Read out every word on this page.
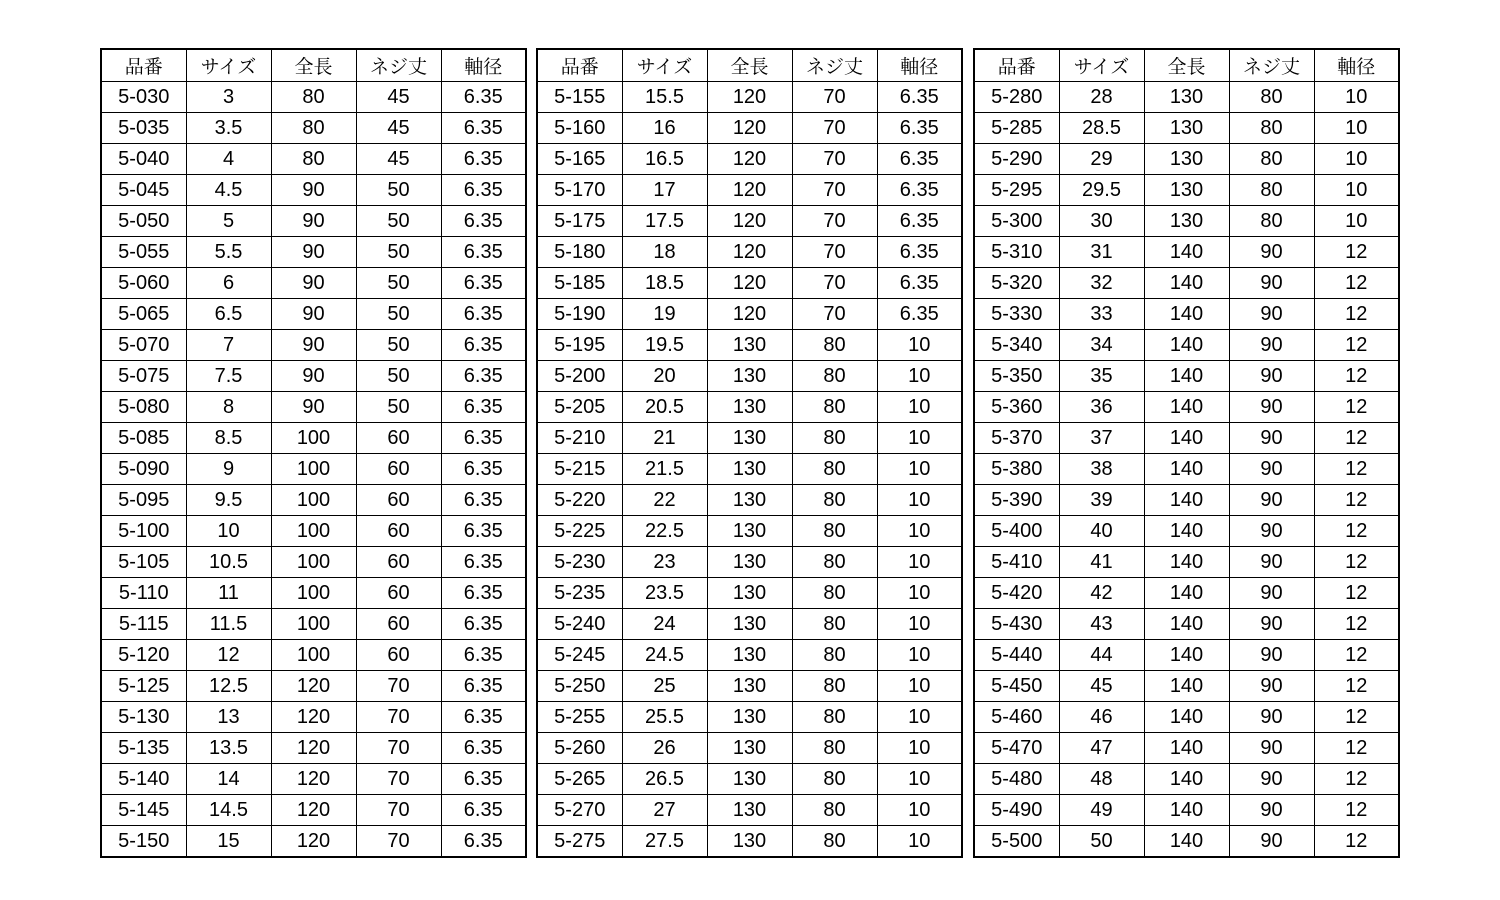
品番	サイズ	全長	ネジ丈	軸径
5-030	3	80	45	6.35
5-035	3.5	80	45	6.35
5-040	4	80	45	6.35
5-045	4.5	90	50	6.35
5-050	5	90	50	6.35
5-055	5.5	90	50	6.35
5-060	6	90	50	6.35
5-065	6.5	90	50	6.35
5-070	7	90	50	6.35
5-075	7.5	90	50	6.35
5-080	8	90	50	6.35
5-085	8.5	100	60	6.35
5-090	9	100	60	6.35
5-095	9.5	100	60	6.35
5-100	10	100	60	6.35
5-105	10.5	100	60	6.35
5-110	11	100	60	6.35
5-115	11.5	100	60	6.35
5-120	12	100	60	6.35
5-125	12.5	120	70	6.35
5-130	13	120	70	6.35
5-135	13.5	120	70	6.35
5-140	14	120	70	6.35
5-145	14.5	120	70	6.35
5-150	15	120	70	6.35
品番	サイズ	全長	ネジ丈	軸径
5-155	15.5	120	70	6.35
5-160	16	120	70	6.35
5-165	16.5	120	70	6.35
5-170	17	120	70	6.35
5-175	17.5	120	70	6.35
5-180	18	120	70	6.35
5-185	18.5	120	70	6.35
5-190	19	120	70	6.35
5-195	19.5	130	80	10
5-200	20	130	80	10
5-205	20.5	130	80	10
5-210	21	130	80	10
5-215	21.5	130	80	10
5-220	22	130	80	10
5-225	22.5	130	80	10
5-230	23	130	80	10
5-235	23.5	130	80	10
5-240	24	130	80	10
5-245	24.5	130	80	10
5-250	25	130	80	10
5-255	25.5	130	80	10
5-260	26	130	80	10
5-265	26.5	130	80	10
5-270	27	130	80	10
5-275	27.5	130	80	10
品番	サイズ	全長	ネジ丈	軸径
5-280	28	130	80	10
5-285	28.5	130	80	10
5-290	29	130	80	10
5-295	29.5	130	80	10
5-300	30	130	80	10
5-310	31	140	90	12
5-320	32	140	90	12
5-330	33	140	90	12
5-340	34	140	90	12
5-350	35	140	90	12
5-360	36	140	90	12
5-370	37	140	90	12
5-380	38	140	90	12
5-390	39	140	90	12
5-400	40	140	90	12
5-410	41	140	90	12
5-420	42	140	90	12
5-430	43	140	90	12
5-440	44	140	90	12
5-450	45	140	90	12
5-460	46	140	90	12
5-470	47	140	90	12
5-480	48	140	90	12
5-490	49	140	90	12
5-500	50	140	90	12
